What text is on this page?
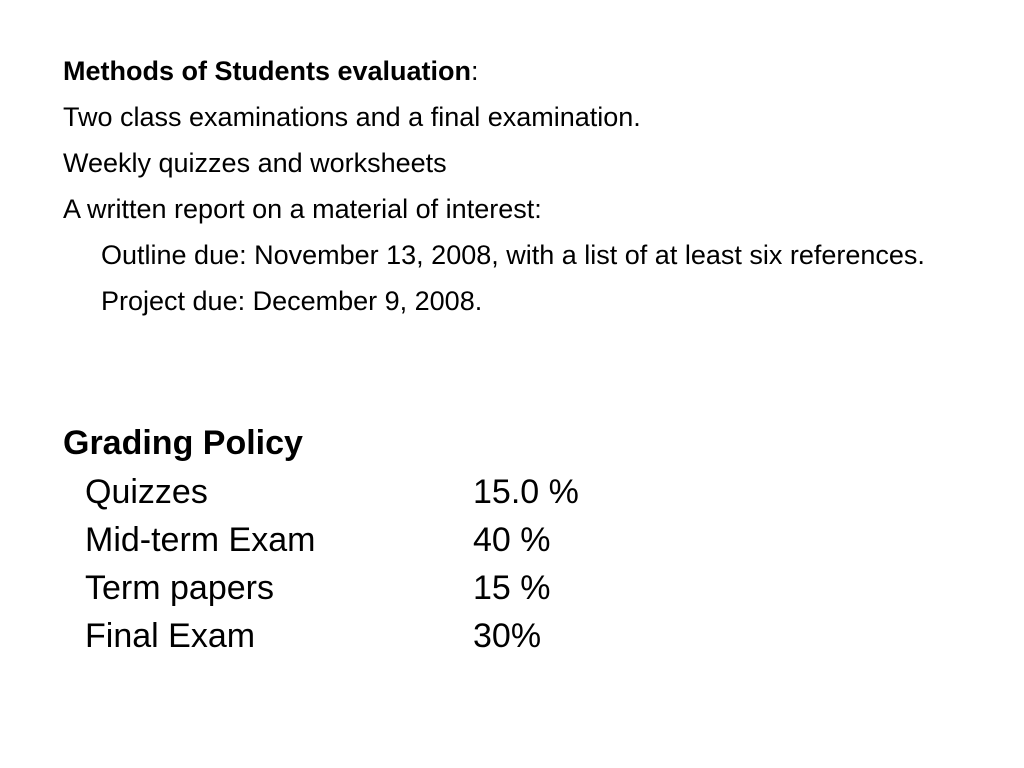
Methods of Students evaluation:
Two class examinations and a final examination.
Weekly quizzes and worksheets
A written report on a material of interest:
Outline due: November 13, 2008, with a list of at least six references.
Project due: December 9, 2008.
Grading Policy
Quizzes	15.0 %
Mid-term Exam	40 %
Term papers	15 %
Final Exam	30%
